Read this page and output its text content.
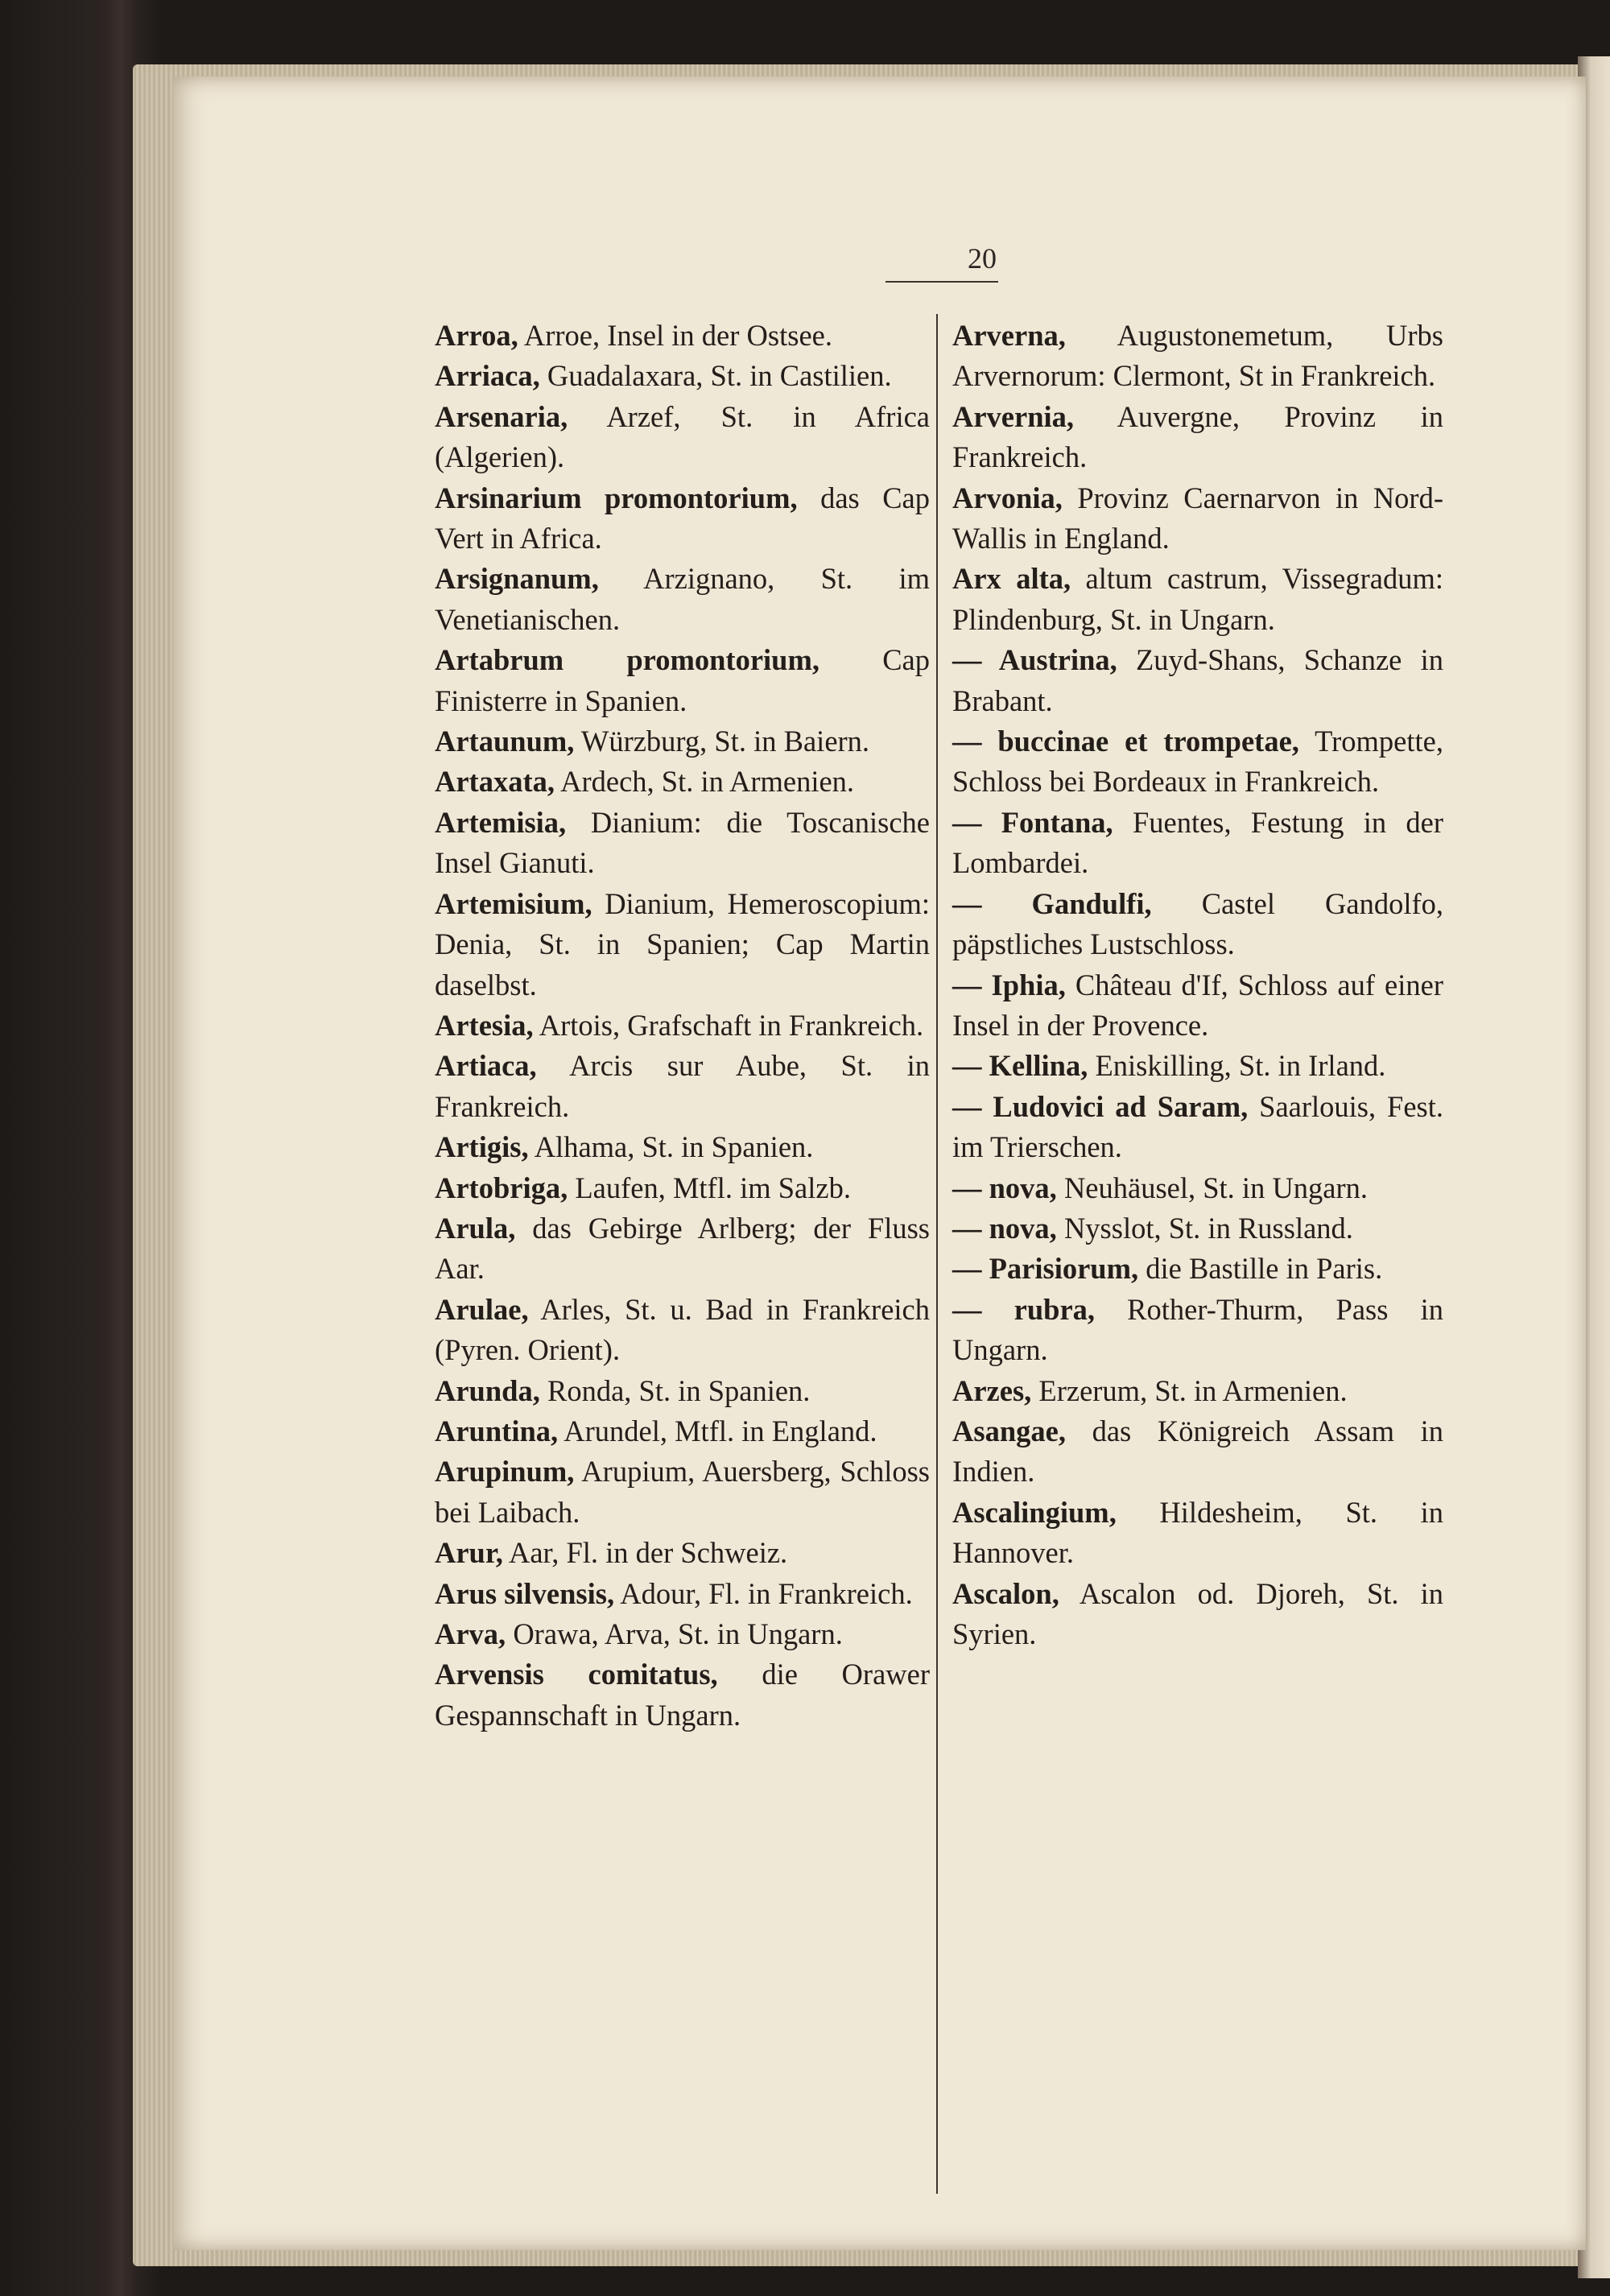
20

Arroa, Arroe, Insel in der Ostsee.

Arriaca, Guadalaxara, St. in Castilien.

Arsenaria, Arzef, St. in Africa (Algerien).

Arsinarium promontorium, das Cap Vert in Africa.

Arsignanum, Arzignano, St. im Venetianischen.

Artabrum promontorium, Cap Finisterre in Spanien.

Artaunum, Würzburg, St. in Baiern.

Artaxata, Ardech, St. in Armenien.

Artemisia, Dianium: die Toscanische Insel Gianuti.

Artemisium, Dianium, Hemeroscopium: Denia, St. in Spanien; Cap Martin daselbst.

Artesia, Artois, Grafschaft in Frankreich.

Artiaca, Arcis sur Aube, St. in Frankreich.

Artigis, Alhama, St. in Spanien.

Artobriga, Laufen, Mtfl. im Salzb.

Arula, das Gebirge Arlberg; der Fluss Aar.

Arulae, Arles, St. u. Bad in Frankreich (Pyren. Orient).

Arunda, Ronda, St. in Spanien.

Aruntina, Arundel, Mtfl. in England.

Arupinum, Arupium, Auersberg, Schloss bei Laibach.

Arur, Aar, Fl. in der Schweiz.

Arus silvensis, Adour, Fl. in Frankreich.

Arva, Orawa, Arva, St. in Ungarn.

Arvensis comitatus, die Orawer Gespannschaft in Ungarn.

Arverna, Augustonemetum, Urbs Arvernorum: Clermont, St in Frankreich.

Arvernia, Auvergne, Provinz in Frankreich.

Arvonia, Provinz Caernarvon in Nord-Wallis in England.

Arx alta, altum castrum, Vissegradum: Plindenburg, St. in Ungarn.

— Austrina, Zuyd-Shans, Schanze in Brabant.

— buccinae et trompetae, Trompette, Schloss bei Bordeaux in Frankreich.

— Fontana, Fuentes, Festung in der Lombardei.

— Gandulfi, Castel Gandolfo, päpstliches Lustschloss.

— Iphia, Château d'If, Schloss auf einer Insel in der Provence.

— Kellina, Eniskilling, St. in Irland.

— Ludovici ad Saram, Saarlouis, Fest. im Trierschen.

— nova, Neuhäusel, St. in Ungarn.

— nova, Nysslot, St. in Russland.

— Parisiorum, die Bastille in Paris.

— rubra, Rother-Thurm, Pass in Ungarn.

Arzes, Erzerum, St. in Armenien.

Asangae, das Königreich Assam in Indien.

Ascalingium, Hildesheim, St. in Hannover.

Ascalon, Ascalon od. Djoreh, St. in Syrien.
